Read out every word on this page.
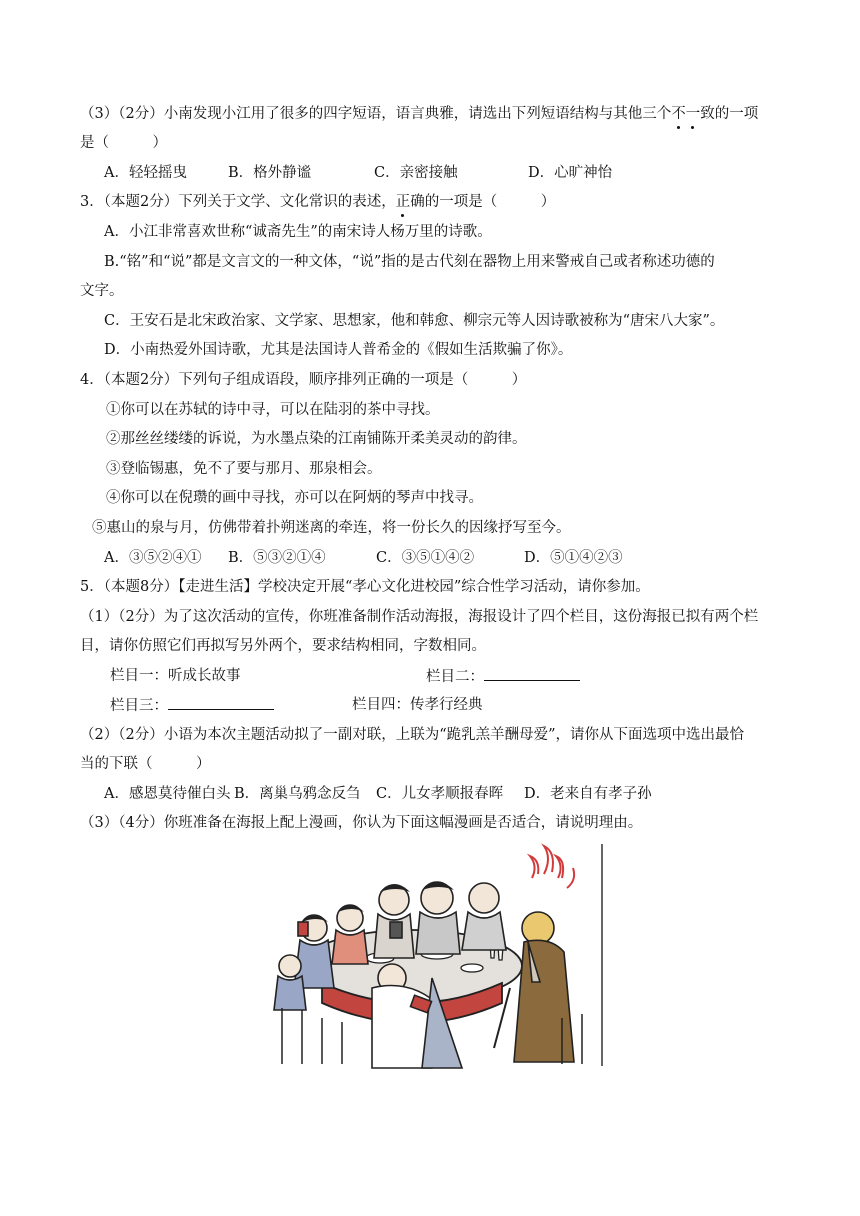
（3）（2分）小南发现小江用了很多的四字短语，语言典雅，请选出下列短语结构与其他三个不一致的一项
是（　　　）
A．轻轻摇曳	B．格外静谧	C．亲密接触	D．心旷神怡
3．（本题2分）下列关于文学、文化常识的表述，正确的一项是（　　　）
A．小江非常喜欢世称“诚斋先生”的南宋诗人杨万里的诗歌。
B.“铭”和“说”都是文言文的一种文体，“说”指的是古代刻在器物上用来警戒自己或者称述功德的
文字。
C．王安石是北宋政治家、文学家、思想家，他和韩愈、柳宗元等人因诗歌被称为“唐宋八大家”。
D．小南热爱外国诗歌，尤其是法国诗人普希金的《假如生活欺骗了你》。
4．（本题2分）下列句子组成语段，顺序排列正确的一项是（　　　）
①你可以在苏轼的诗中寻，可以在陆羽的茶中寻找。
②那丝丝缕缕的诉说，为水墨点染的江南铺陈开柔美灵动的韵律。
③登临锡惠，免不了要与那月、那泉相会。
④你可以在倪瓒的画中寻找，亦可以在阿炳的琴声中找寻。
⑤惠山的泉与月，仿佛带着扑朔迷离的牵连，将一份长久的因缘抒写至今。
A．③⑤②④① B．⑤③②①④	C．③⑤①④②	D．⑤①④②③
5．（本题8分）【走进生活】学校决定开展“孝心文化进校园”综合性学习活动，请你参加。
（1）（2分）为了这次活动的宣传，你班准备制作活动海报，海报设计了四个栏目，这份海报已拟有两个栏
目，请你仿照它们再拟写另外两个，要求结构相同，字数相同。
栏目一：听成长故事	栏目二：
栏目三：	栏目四：传孝行经典
（2）（2分）小语为本次主题活动拟了一副对联，上联为“跪乳羔羊酬母爱”，请你从下面选项中选出最恰
当的下联（　　　）
A．感恩莫待催白头 B．离巢乌鸦念反刍 C．儿女孝顺报春晖 D．老来自有孝子孙
（3）（4分）你班准备在海报上配上漫画，你认为下面这幅漫画是否适合，请说明理由。
